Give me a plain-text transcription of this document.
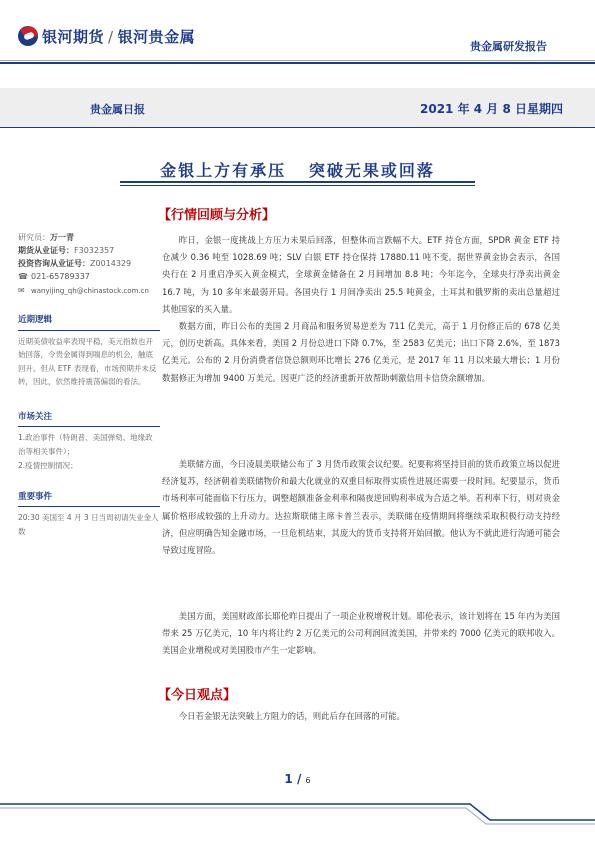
银河期货 / 银河贵金属
贵金属研发报告
贵金属日报	2021 年 4 月 8 日星期四
金银上方有承压   突破无果或回落
【行情回顾与分析】
研究员：万一青
期货从业证号：F3032357
投资咨询从业证号：Z0014329
☎ 021-65789337
✉ wanyijing_qh@chinastock.com.cn
近期逻辑
近期美债收益率表现平稳，美元指数也开始回落，令贵金属得到喘息的机会，触底回升。但从 ETF 表现看，市场预期并未反转，因此，依然维持震荡偏弱的看法。
市场关注

1.政治事件（特朗普、美国弹劾、地缘政治等相关事件）；

2.疫情控制情况；

重要事件
20:30 美国至 4 月 3 日当周初请失业金人数

昨日，金银一度挑战上方压力未果后回落，但整体而言跌幅不大。ETF 持仓方面，SPDR 黄金 ETF 持仓减少 0.36 吨至 1028.69 吨；SLV 白银 ETF 持仓保持 17880.11 吨不变。据世界黄金协会表示，各国央行在 2 月重启净买入黄金模式，全球黄金储备在 2 月间增加 8.8 吨；今年迄今，全球央行净卖出黄金 16.7 吨，为 10 多年来最弱开局。各国央行 1 月间净卖出 25.5 吨黄金，土耳其和俄罗斯的卖出总量超过其他国家的买入量。

数据方面，昨日公布的美国 2 月商品和服务贸易逆差为 711 亿美元，高于 1 月份修正后的 678 亿美元，创历史新高。具体来看，美国 2 月份总进口下降 0.7%，至 2583 亿美元；出口下降 2.6%，至 1873 亿美元。公布的 2 月份消费者信贷总额则环比增长 276 亿美元，是 2017 年 11 月以来最大增长；1 月份数据修正为增加 9400 万美元。因更广泛的经济重新开放帮助刺激信用卡信贷余额增加。

美联储方面，今日凌晨美联储公布了 3 月货币政策会议纪要。纪要称将坚持目前的货币政策立场以促进经济复苏，经济朝着美联储物价和最大化就业的双重目标取得实质性进展还需要一段时间。纪要显示，货币市场利率可能面临下行压力，调整超额准备金利率和隔夜逆回购利率成为合适之举。若利率下行，则对贵金属价格形成较强的上升动力。达拉斯联储主席卡普兰表示，美联储在疫情期间将继续采取积极行动支持经济，但应明确告知金融市场，一旦危机结束，其庞大的货币支持将开始回撤。他认为不就此进行沟通可能会导致过度冒险。

美国方面，美国财政部长耶伦昨日提出了一项企业税增税计划。耶伦表示，该计划将在 15 年内为美国带来 25 万亿美元，10 年内将让约 2 万亿美元的公司利润回流美国，并带来约 7000 亿美元的联邦收入。美国企业增税或对美国股市产生一定影响。

【今日观点】

今日若金银无法突破上方阻力的话，则此后存在回落的可能。

1 / 6
